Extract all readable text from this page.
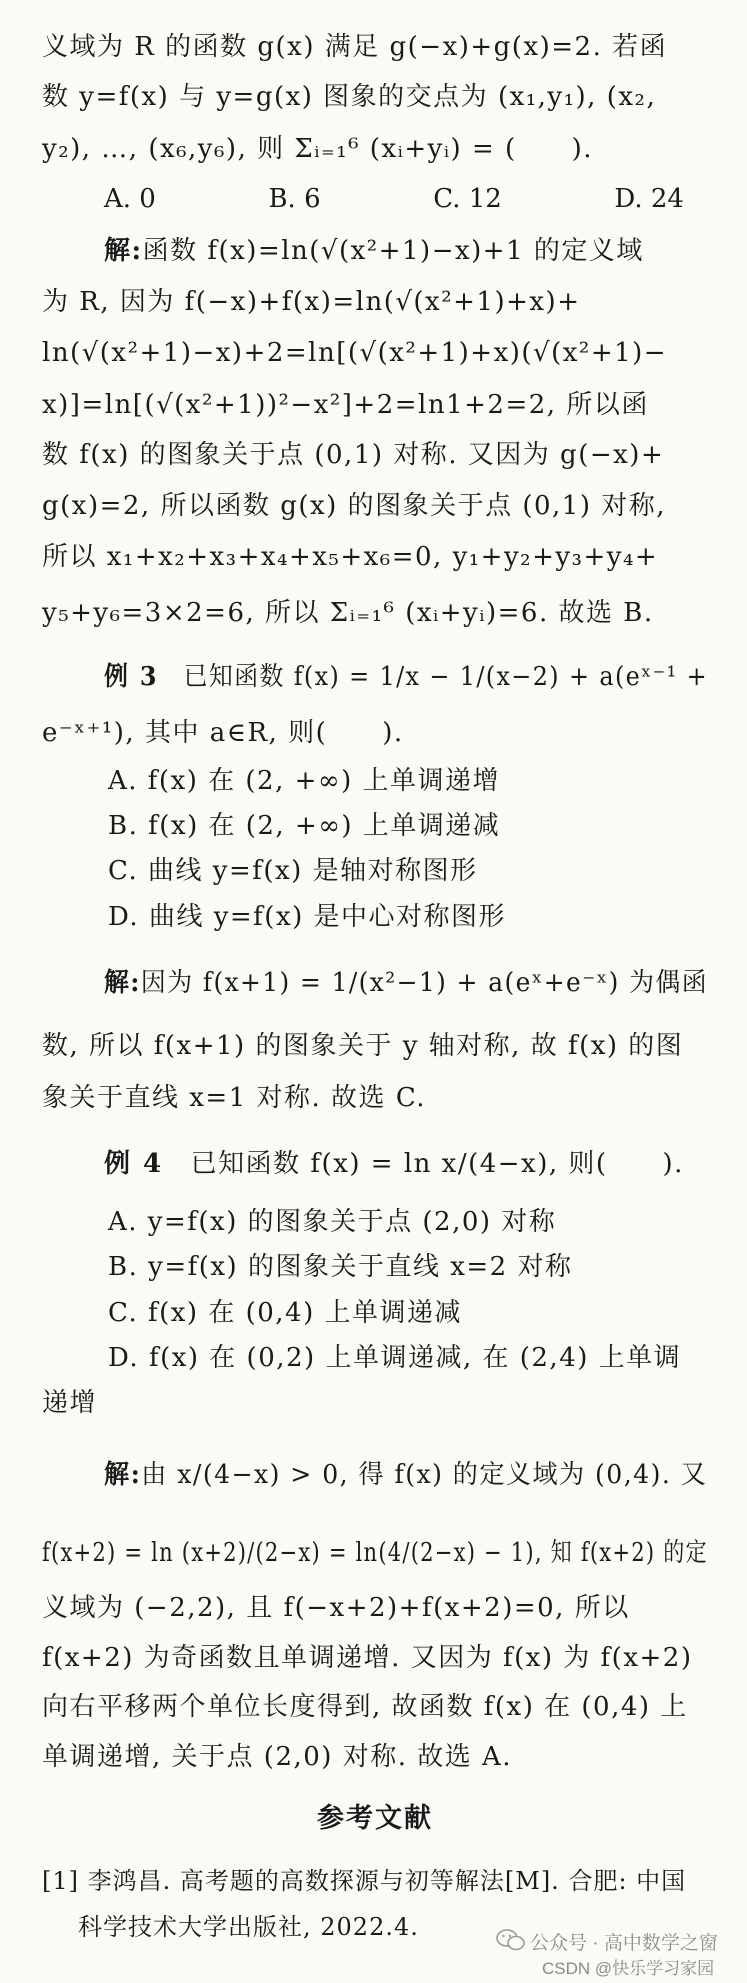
义域为 R 的函数 g(x) 满足 g(−x)+g(x)=2. 若函
数 y=f(x) 与 y=g(x) 图象的交点为 (x₁,y₁), (x₂,
y₂), …, (x₆,y₆), 则 Σᵢ₌₁⁶ (xᵢ+yᵢ) = (　　).
A. 0	B. 6	C. 12	D. 24
解:函数 f(x)=ln(√(x²+1)−x)+1 的定义域
为 R, 因为 f(−x)+f(x)=ln(√(x²+1)+x)+
ln(√(x²+1)−x)+2=ln[(√(x²+1)+x)(√(x²+1)−
x)]=ln[(√(x²+1))²−x²]+2=ln1+2=2, 所以函
数 f(x) 的图象关于点 (0,1) 对称. 又因为 g(−x)+
g(x)=2, 所以函数 g(x) 的图象关于点 (0,1) 对称,
所以 x₁+x₂+x₃+x₄+x₅+x₆=0, y₁+y₂+y₃+y₄+
y₅+y₆=3×2=6, 所以 Σᵢ₌₁⁶ (xᵢ+yᵢ)=6. 故选 B.
例 3　 已知函数 f(x) = 1/x − 1/(x−2) + a(eˣ⁻¹ +
e⁻ˣ⁺¹), 其中 a∈R, 则(　　).
A. f(x) 在 (2, +∞) 上单调递增
B. f(x) 在 (2, +∞) 上单调递减
C. 曲线 y=f(x) 是轴对称图形
D. 曲线 y=f(x) 是中心对称图形
解:因为 f(x+1) = 1/(x²−1) + a(eˣ+e⁻ˣ) 为偶函
数, 所以 f(x+1) 的图象关于 y 轴对称, 故 f(x) 的图
象关于直线 x=1 对称. 故选 C.
例 4　 已知函数 f(x) = ln x/(4−x), 则(　　).
A. y=f(x) 的图象关于点 (2,0) 对称
B. y=f(x) 的图象关于直线 x=2 对称
C. f(x) 在 (0,4) 上单调递减
D. f(x) 在 (0,2) 上单调递减, 在 (2,4) 上单调
递增
解:由 x/(4−x) > 0, 得 f(x) 的定义域为 (0,4). 又
f(x+2) = ln (x+2)/(2−x) = ln(4/(2−x) − 1), 知 f(x+2) 的定
义域为 (−2,2), 且 f(−x+2)+f(x+2)=0, 所以
f(x+2) 为奇函数且单调递增. 又因为 f(x) 为 f(x+2)
向右平移两个单位长度得到, 故函数 f(x) 在 (0,4) 上
单调递增, 关于点 (2,0) 对称. 故选 A.
参考文献
[1] 李鸿昌. 高考题的高数探源与初等解法[M]. 合肥: 中国
科学技术大学出版社, 2022.4.
公众号 · 高中数学之窗
CSDN @快乐学习家园
